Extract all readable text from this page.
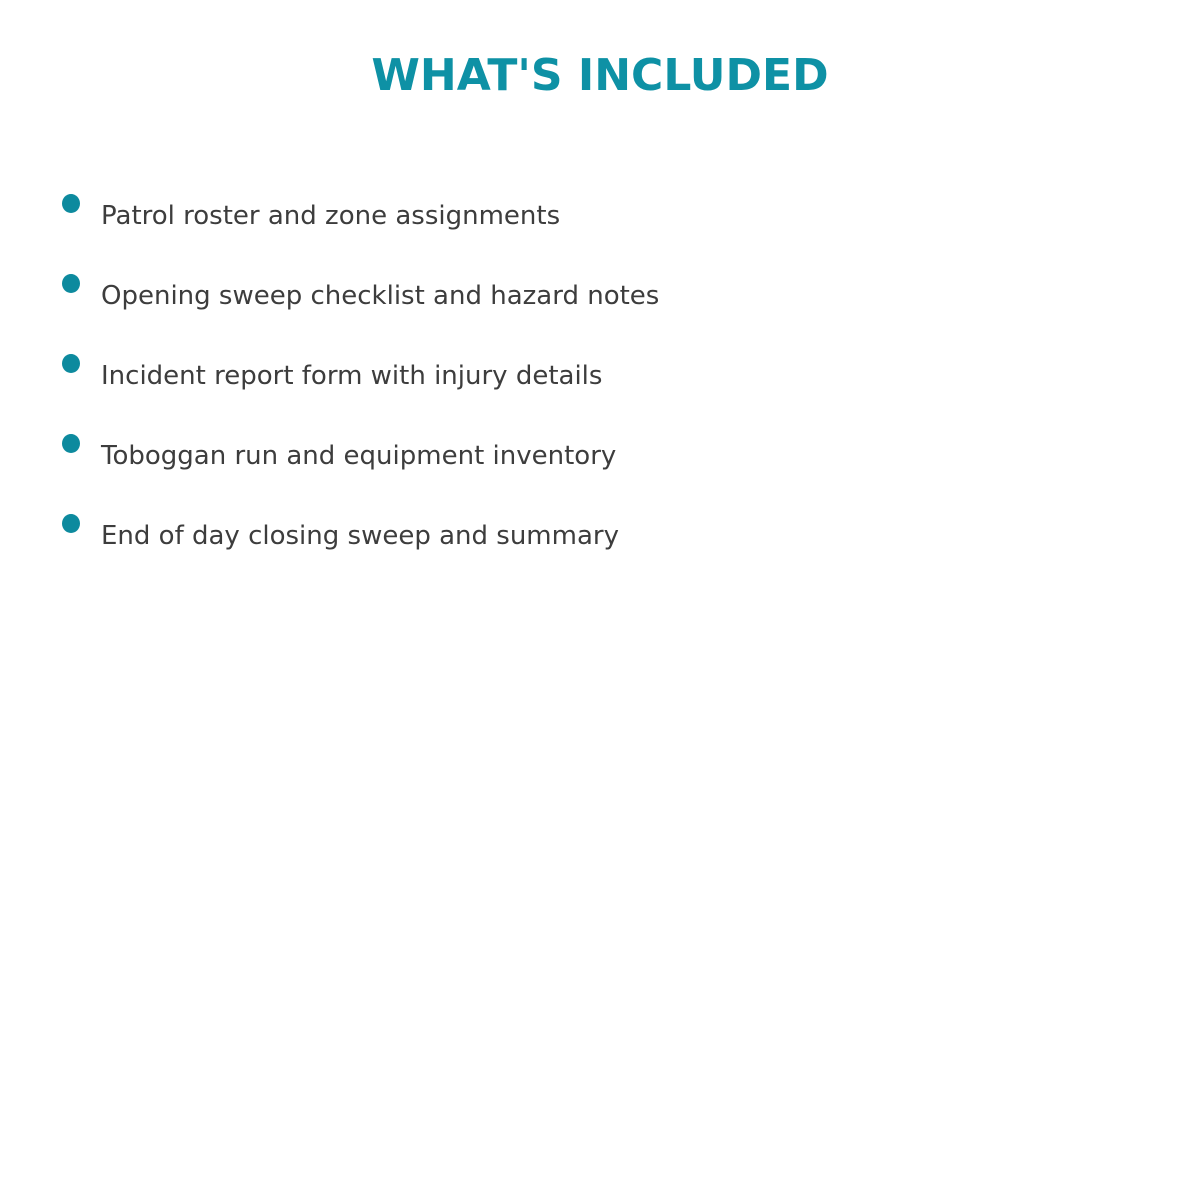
WHAT'S INCLUDED
Patrol roster and zone assignments
Opening sweep checklist and hazard notes
Incident report form with injury details
Toboggan run and equipment inventory
End of day closing sweep and summary
